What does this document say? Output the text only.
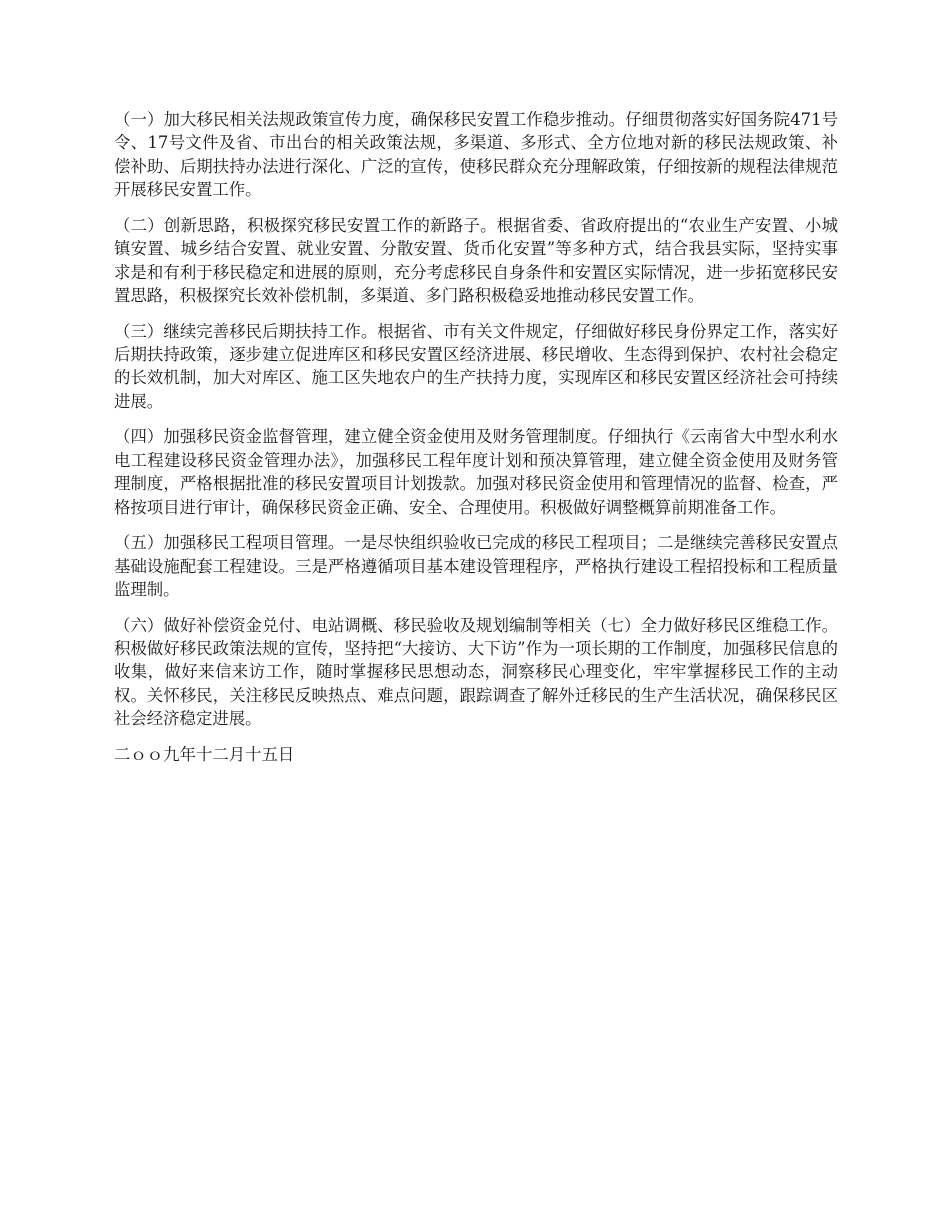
（一）加大移民相关法规政策宣传力度，确保移民安置工作稳步推动。仔细贯彻落实好国务院471号令、17号文件及省、市出台的相关政策法规，多渠道、多形式、全方位地对新的移民法规政策、补偿补助、后期扶持办法进行深化、广泛的宣传，使移民群众充分理解政策，仔细按新的规程法律规范开展移民安置工作。

（二）创新思路，积极探究移民安置工作的新路子。根据省委、省政府提出的“农业生产安置、小城镇安置、城乡结合安置、就业安置、分散安置、货币化安置”等多种方式，结合我县实际，坚持实事求是和有利于移民稳定和进展的原则，充分考虑移民自身条件和安置区实际情况，进一步拓宽移民安置思路，积极探究长效补偿机制，多渠道、多门路积极稳妥地推动移民安置工作。

（三）继续完善移民后期扶持工作。根据省、市有关文件规定，仔细做好移民身份界定工作，落实好后期扶持政策，逐步建立促进库区和移民安置区经济进展、移民增收、生态得到保护、农村社会稳定的长效机制，加大对库区、施工区失地农户的生产扶持力度，实现库区和移民安置区经济社会可持续进展。

（四）加强移民资金监督管理，建立健全资金使用及财务管理制度。仔细执行《云南省大中型水利水电工程建设移民资金管理办法》，加强移民工程年度计划和预决算管理，建立健全资金使用及财务管理制度，严格根据批准的移民安置项目计划拨款。加强对移民资金使用和管理情况的监督、检查，严格按项目进行审计，确保移民资金正确、安全、合理使用。积极做好调整概算前期准备工作。

（五）加强移民工程项目管理。一是尽快组织验收已完成的移民工程项目；二是继续完善移民安置点基础设施配套工程建设。三是严格遵循项目基本建设管理程序，严格执行建设工程招投标和工程质量监理制。

（六）做好补偿资金兑付、电站调概、移民验收及规划编制等相关（七）全力做好移民区维稳工作。积极做好移民政策法规的宣传，坚持把“大接访、大下访”作为一项长期的工作制度，加强移民信息的收集，做好来信来访工作，随时掌握移民思想动态，洞察移民心理变化，牢牢掌握移民工作的主动权。关怀移民，关注移民反映热点、难点问题，跟踪调查了解外迁移民的生产生活状况，确保移民区社会经济稳定进展。

二ｏｏ九年十二月十五日
